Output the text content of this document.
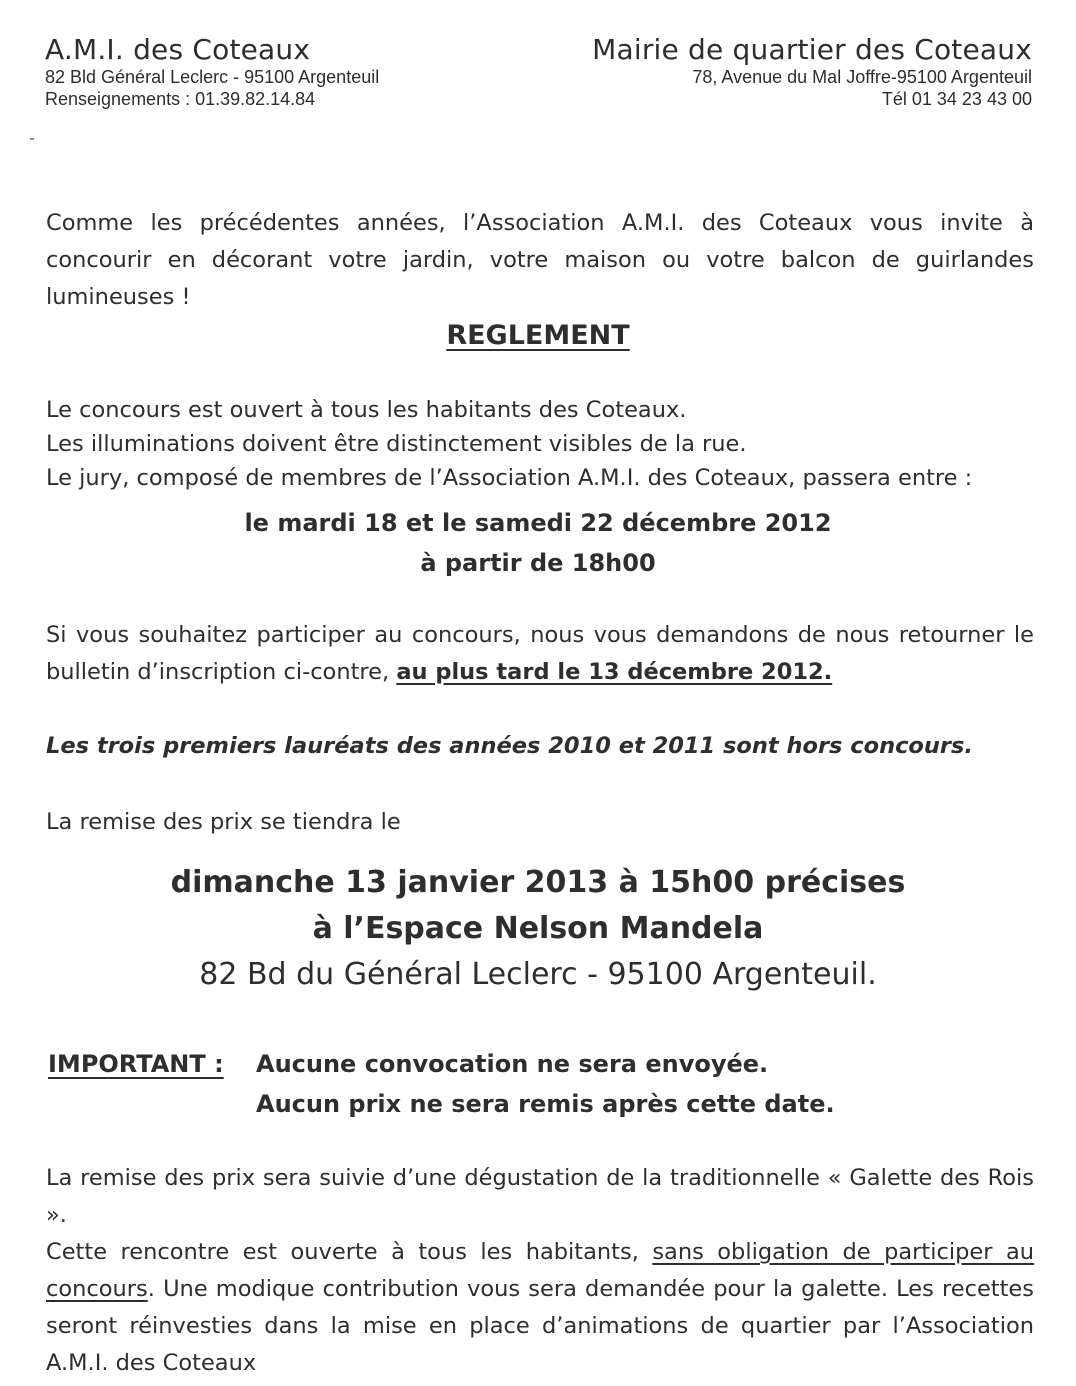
A.M.I. des Coteaux
82 Bld Général Leclerc - 95100 Argenteuil
Renseignements : 01.39.82.14.84
Mairie de quartier des Coteaux
78, Avenue du Mal Joffre-95100 Argenteuil
Tél 01 34 23 43 00
Comme les précédentes années, l’Association A.M.I. des Coteaux vous invite à concourir en décorant votre jardin, votre maison ou votre balcon de guirlandes lumineuses !
REGLEMENT
Le concours est ouvert à tous les habitants des Coteaux.
Les illuminations doivent être distinctement visibles de la rue.
Le jury, composé de membres de l’Association A.M.I. des Coteaux, passera entre :
le mardi 18 et le samedi 22 décembre 2012
à partir de 18h00
Si vous souhaitez participer au concours, nous vous demandons de nous retourner le bulletin d’inscription ci-contre, au plus tard le 13 décembre 2012.
Les trois premiers lauréats des années 2010 et 2011 sont hors concours.
La remise des prix se tiendra le
dimanche 13 janvier 2013 à 15h00 précises
à l’Espace Nelson Mandela
82 Bd du Général Leclerc - 95100 Argenteuil.
IMPORTANT : Aucune convocation ne sera envoyée.
Aucun prix ne sera remis après cette date.
La remise des prix sera suivie d’une dégustation de la traditionnelle « Galette des Rois ».
Cette rencontre est ouverte à tous les habitants, sans obligation de participer au concours. Une modique contribution vous sera demandée pour la galette. Les recettes seront réinvesties dans la mise en place d’animations de quartier par l’Association A.M.I. des Coteaux
